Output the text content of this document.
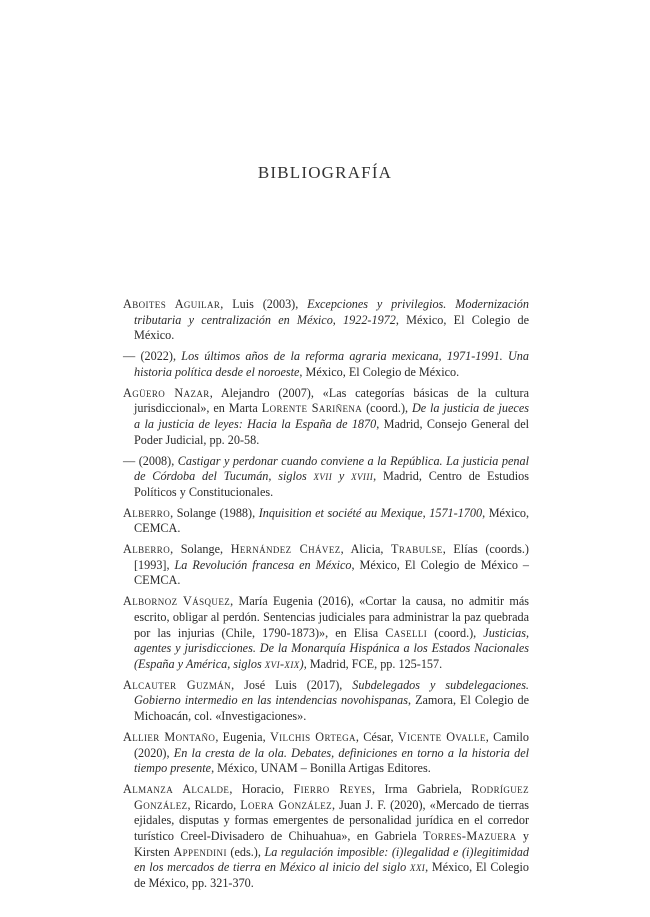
BIBLIOGRAFÍA

Aboites Aguilar, Luis (2003), Excepciones y privilegios. Modernización tributaria y centralización en México, 1922-1972, México, El Colegio de México.

— (2022), Los últimos años de la reforma agraria mexicana, 1971-1991. Una historia política desde el noroeste, México, El Colegio de México.

Agüero Nazar, Alejandro (2007), «Las categorías básicas de la cultura jurisdiccional», en Marta Lorente Sariñena (coord.), De la justicia de jueces a la justicia de leyes: Hacia la España de 1870, Madrid, Consejo General del Poder Judicial, pp. 20-58.

— (2008), Castigar y perdonar cuando conviene a la República. La justicia penal de Córdoba del Tucumán, siglos xvii y xviii, Madrid, Centro de Estudios Políticos y Constitucionales.

Alberro, Solange (1988), Inquisition et société au Mexique, 1571-1700, México, CEMCA.

Alberro, Solange, Hernández Chávez, Alicia, Trabulse, Elías (coords.) [1993], La Revolución francesa en México, México, El Colegio de México – CEMCA.

Albornoz Vásquez, María Eugenia (2016), «Cortar la causa, no admitir más escrito, obligar al perdón. Sentencias judiciales para administrar la paz quebrada por las injurias (Chile, 1790-1873)», en Elisa Caselli (coord.), Justicias, agentes y jurisdicciones. De la Monarquía Hispánica a los Estados Nacionales (España y América, siglos xvi-xix), Madrid, FCE, pp. 125-157.

Alcauter Guzmán, José Luis (2017), Subdelegados y subdelegaciones. Gobierno intermedio en las intendencias novohispanas, Zamora, El Colegio de Michoacán, col. «Investigaciones».

Allier Montaño, Eugenia, Vilchis Ortega, César, Vicente Ovalle, Camilo (2020), En la cresta de la ola. Debates, definiciones en torno a la historia del tiempo presente, México, UNAM – Bonilla Artigas Editores.

Almanza Alcalde, Horacio, Fierro Reyes, Irma Gabriela, Rodríguez González, Ricardo, Loera González, Juan J. F. (2020), «Mercado de tierras ejidales, disputas y formas emergentes de personalidad jurídica en el corredor turístico Creel-Divisadero de Chihuahua», en Gabriela Torres-Mazuera y Kirsten Appendini (eds.), La regulación imposible: (i)legalidad e (i)legitimidad en los mercados de tierra en México al inicio del siglo xxi, México, El Colegio de México, pp. 321-370.
